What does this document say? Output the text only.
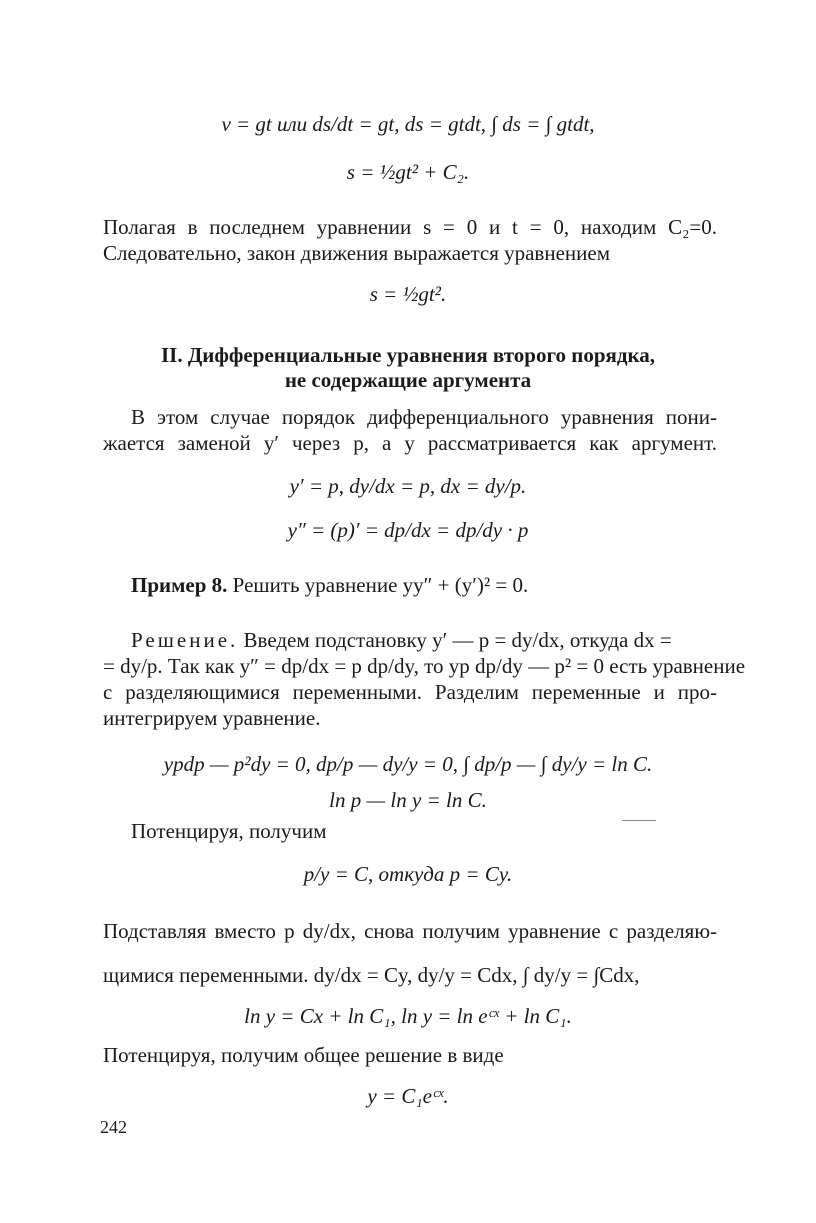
v = gt или ds/dt = gt, ds = gtdt, ∫ ds = ∫ gtdt,
s = ½gt² + C₂.
Полагая в последнем уравнении s = 0 и t = 0, находим C₂=0.
Следовательно, закон движения выражается уравнением
s = ½gt².
II. Дифференциальные уравнения второго порядка,
не содержащие аргумента
В этом случае порядок дифференциального уравнения пони-
жается заменой y′ через p, а y рассматривается как аргумент.
y′ = p, dy/dx = p, dx = dy/p.
y″ = (p)′ = dp/dx = dp/dy · p
Пример 8. Решить уравнение yy″ + (y′)² = 0.
Решение. Введем подстановку y′ — p = dy/dx, откуда dx =
= dy/p. Так как y″ = dp/dx = p dp/dy, то yp dp/dy — p² = 0 есть уравнение
с разделяющимися переменными. Разделим переменные и про-
интегрируем уравнение.
ypdp — p²dy = 0, dp/p — dy/y = 0, ∫ dp/p — ∫ dy/y = ln C.
ln p — ln y = ln C.
Потенцируя, получим
p/y = C, откуда p = Cy.
Подставляя вместо p dy/dx, снова получим уравнение с разделяю-
щимися переменными. dy/dx = Cy, dy/y = Cdx, ∫ dy/y = ∫Cdx,
ln y = Cx + ln C₁, ln y = ln eᶜˣ + ln C₁.
Потенцируя, получим общее решение в виде
y = C₁eᶜˣ.
242
